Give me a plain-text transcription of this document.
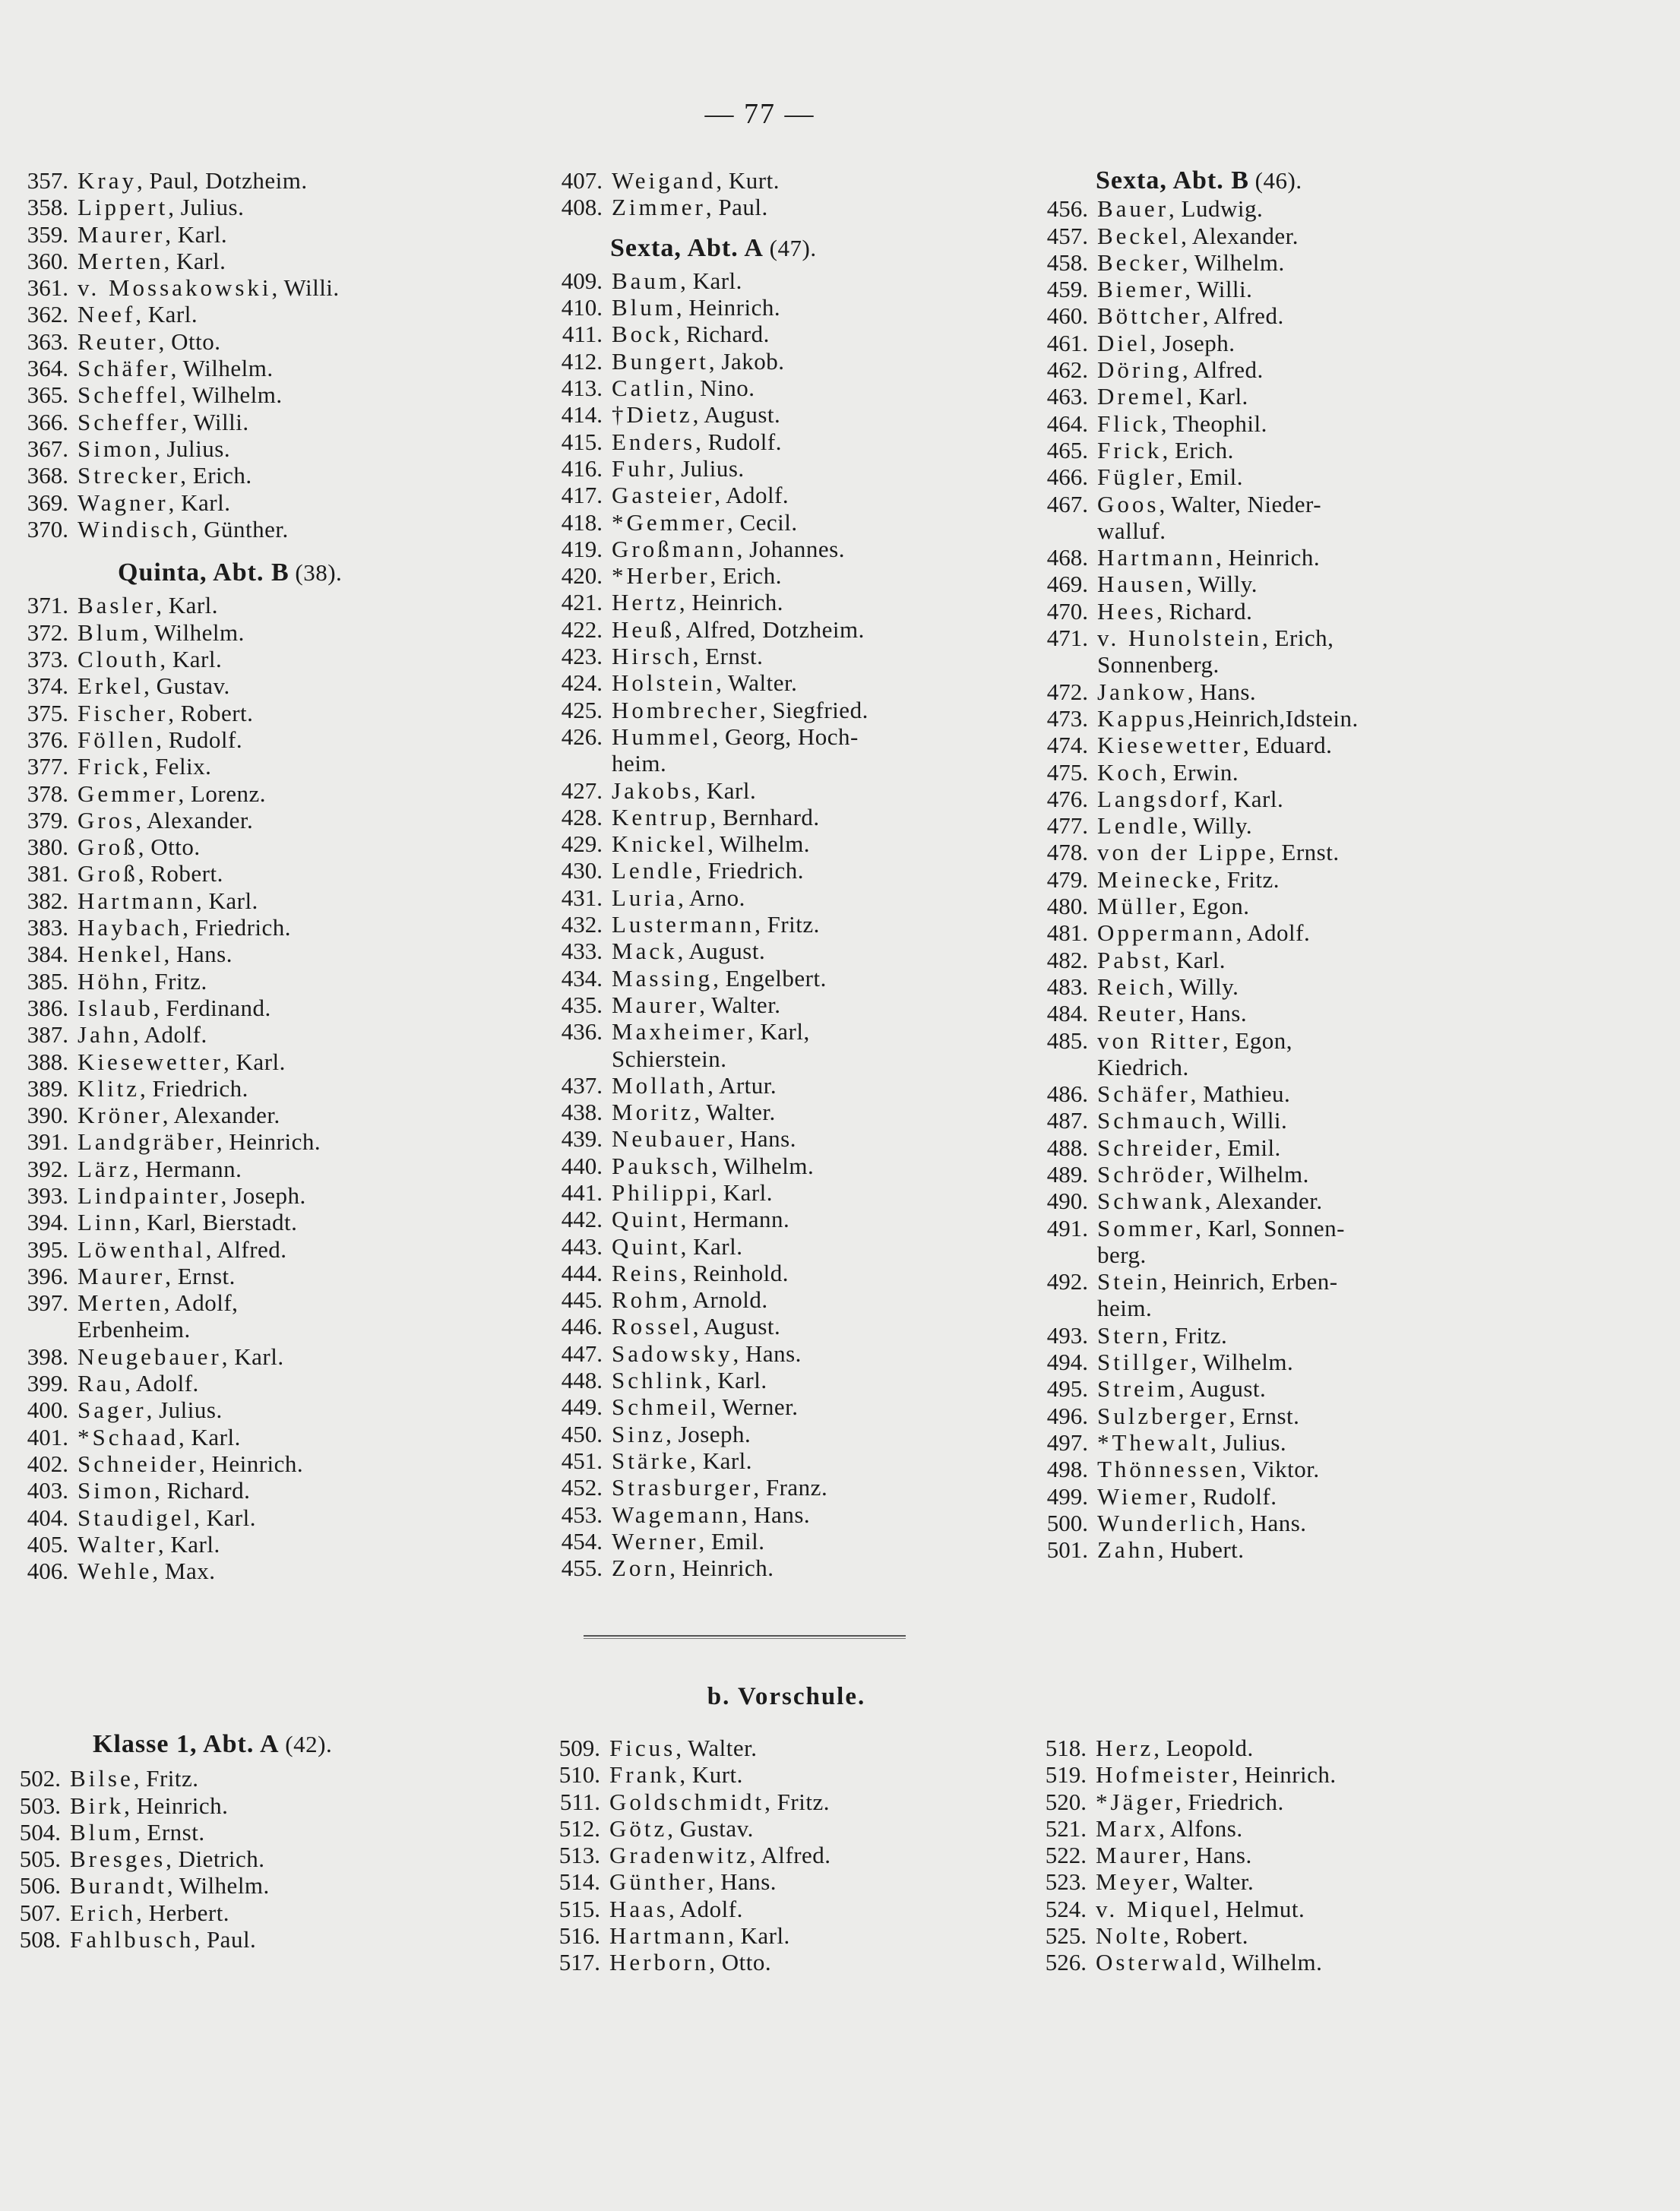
— 77 —
357. Kray, Paul, Dotzheim.
358. Lippert, Julius.
359. Maurer, Karl.
360. Merten, Karl.
361. v. Mossakowski, Willi.
362. Neef, Karl.
363. Reuter, Otto.
364. Schäfer, Wilhelm.
365. Scheffel, Wilhelm.
366. Scheffer, Willi.
367. Simon, Julius.
368. Strecker, Erich.
369. Wagner, Karl.
370. Windisch, Günther.
Quinta, Abt. B (38).
371. Basler, Karl.
372. Blum, Wilhelm.
373. Clouth, Karl.
374. Erkel, Gustav.
375. Fischer, Robert.
376. Föllen, Rudolf.
377. Frick, Felix.
378. Gemmer, Lorenz.
379. Gros, Alexander.
380. Groß, Otto.
381. Groß, Robert.
382. Hartmann, Karl.
383. Haybach, Friedrich.
384. Henkel, Hans.
385. Höhn, Fritz.
386. Islaub, Ferdinand.
387. Jahn, Adolf.
388. Kiesewetter, Karl.
389. Klitz, Friedrich.
390. Kröner, Alexander.
391. Landgräber, Heinrich.
392. Lärz, Hermann.
393. Lindpainter, Joseph.
394. Linn, Karl, Bierstadt.
395. Löwenthal, Alfred.
396. Maurer, Ernst.
397. Merten, Adolf,
Erbenheim.
398. Neugebauer, Karl.
399. Rau, Adolf.
400. Sager, Julius.
401. *Schaad, Karl.
402. Schneider, Heinrich.
403. Simon, Richard.
404. Staudigel, Karl.
405. Walter, Karl.
406. Wehle, Max.
407. Weigand, Kurt.
408. Zimmer, Paul.
Sexta, Abt. A (47).
409. Baum, Karl.
410. Blum, Heinrich.
411. Bock, Richard.
412. Bungert, Jakob.
413. Catlin, Nino.
414. †Dietz, August.
415. Enders, Rudolf.
416. Fuhr, Julius.
417. Gasteier, Adolf.
418. *Gemmer, Cecil.
419. Großmann, Johannes.
420. *Herber, Erich.
421. Hertz, Heinrich.
422. Heuß, Alfred, Dotzheim.
423. Hirsch, Ernst.
424. Holstein, Walter.
425. Hombrecher, Siegfried.
426. Hummel, Georg, Hoch-
heim.
427. Jakobs, Karl.
428. Kentrup, Bernhard.
429. Knickel, Wilhelm.
430. Lendle, Friedrich.
431. Luria, Arno.
432. Lustermann, Fritz.
433. Mack, August.
434. Massing, Engelbert.
435. Maurer, Walter.
436. Maxheimer, Karl,
Schierstein.
437. Mollath, Artur.
438. Moritz, Walter.
439. Neubauer, Hans.
440. Pauksch, Wilhelm.
441. Philippi, Karl.
442. Quint, Hermann.
443. Quint, Karl.
444. Reins, Reinhold.
445. Rohm, Arnold.
446. Rossel, August.
447. Sadowsky, Hans.
448. Schlink, Karl.
449. Schmeil, Werner.
450. Sinz, Joseph.
451. Stärke, Karl.
452. Strasburger, Franz.
453. Wagemann, Hans.
454. Werner, Emil.
455. Zorn, Heinrich.
Sexta, Abt. B (46).
456. Bauer, Ludwig.
457. Beckel, Alexander.
458. Becker, Wilhelm.
459. Biemer, Willi.
460. Böttcher, Alfred.
461. Diel, Joseph.
462. Döring, Alfred.
463. Dremel, Karl.
464. Flick, Theophil.
465. Frick, Erich.
466. Fügler, Emil.
467. Goos, Walter, Nieder-
walluf.
468. Hartmann, Heinrich.
469. Hausen, Willy.
470. Hees, Richard.
471. v. Hunolstein, Erich,
Sonnenberg.
472. Jankow, Hans.
473. Kappus,Heinrich,Idstein.
474. Kiesewetter, Eduard.
475. Koch, Erwin.
476. Langsdorf, Karl.
477. Lendle, Willy.
478. von der Lippe, Ernst.
479. Meinecke, Fritz.
480. Müller, Egon.
481. Oppermann, Adolf.
482. Pabst, Karl.
483. Reich, Willy.
484. Reuter, Hans.
485. von Ritter, Egon,
Kiedrich.
486. Schäfer, Mathieu.
487. Schmauch, Willi.
488. Schreider, Emil.
489. Schröder, Wilhelm.
490. Schwank, Alexander.
491. Sommer, Karl, Sonnen-
berg.
492. Stein, Heinrich, Erben-
heim.
493. Stern, Fritz.
494. Stillger, Wilhelm.
495. Streim, August.
496. Sulzberger, Ernst.
497. *Thewalt, Julius.
498. Thönnessen, Viktor.
499. Wiemer, Rudolf.
500. Wunderlich, Hans.
501. Zahn, Hubert.
b. Vorschule.
Klasse 1, Abt. A (42).
502. Bilse, Fritz.
503. Birk, Heinrich.
504. Blum, Ernst.
505. Bresges, Dietrich.
506. Burandt, Wilhelm.
507. Erich, Herbert.
508. Fahlbusch, Paul.
509. Ficus, Walter.
510. Frank, Kurt.
511. Goldschmidt, Fritz.
512. Götz, Gustav.
513. Gradenwitz, Alfred.
514. Günther, Hans.
515. Haas, Adolf.
516. Hartmann, Karl.
517. Herborn, Otto.
518. Herz, Leopold.
519. Hofmeister, Heinrich.
520. *Jäger, Friedrich.
521. Marx, Alfons.
522. Maurer, Hans.
523. Meyer, Walter.
524. v. Miquel, Helmut.
525. Nolte, Robert.
526. Osterwald, Wilhelm.
